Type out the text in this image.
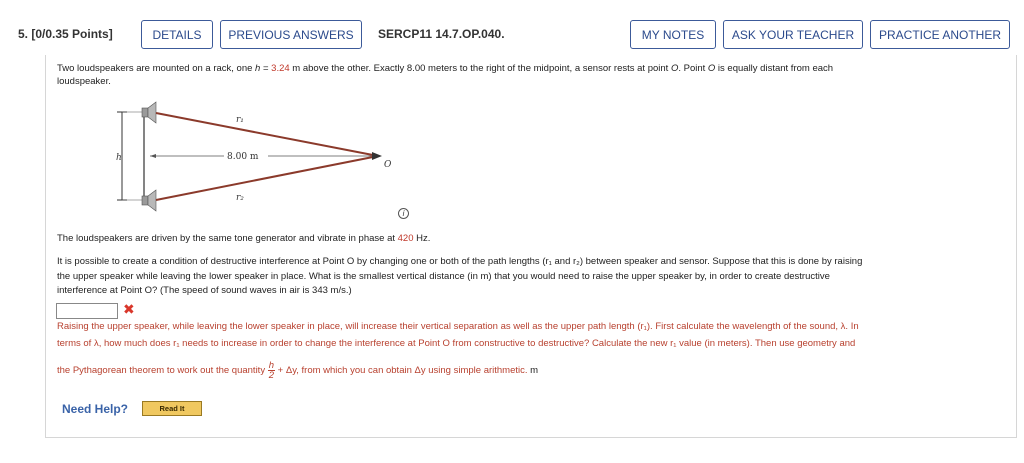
5. [0/0.35 Points]	DETAILS	PREVIOUS ANSWERS	SERCP11 14.7.OP.040.	MY NOTES	ASK YOUR TEACHER	PRACTICE ANOTHER
Two loudspeakers are mounted on a rack, one h = 3.24 m above the other. Exactly 8.00 meters to the right of the midpoint, a sensor rests at point O. Point O is equally distant from each
loudspeaker.
r₁
r₂
h	8.00 m
O
i
The loudspeakers are driven by the same tone generator and vibrate in phase at 420 Hz.
It is possible to create a condition of destructive interference at Point O by changing one or both of the path lengths (r₁ and r₂) between speaker and sensor. Suppose that this is done by raising
the upper speaker while leaving the lower speaker in place. What is the smallest vertical distance (in m) that you would need to raise the upper speaker by, in order to create destructive
interference at Point O? (The speed of sound waves in air is 343 m/s.)
✖
Raising the upper speaker, while leaving the lower speaker in place, will increase their vertical separation as well as the upper path length (r₁). First calculate the wavelength of the sound, λ. In
terms of λ, how much does r₁ needs to increase in order to change the interference at Point O from constructive to destructive? Calculate the new r₁ value (in meters). Then use geometry and
the Pythagorean theorem to work out the quantity $\frac{h}{2} + \Delta y$, from which you can obtain Δy using simple arithmetic. m
Need Help?	Read It
